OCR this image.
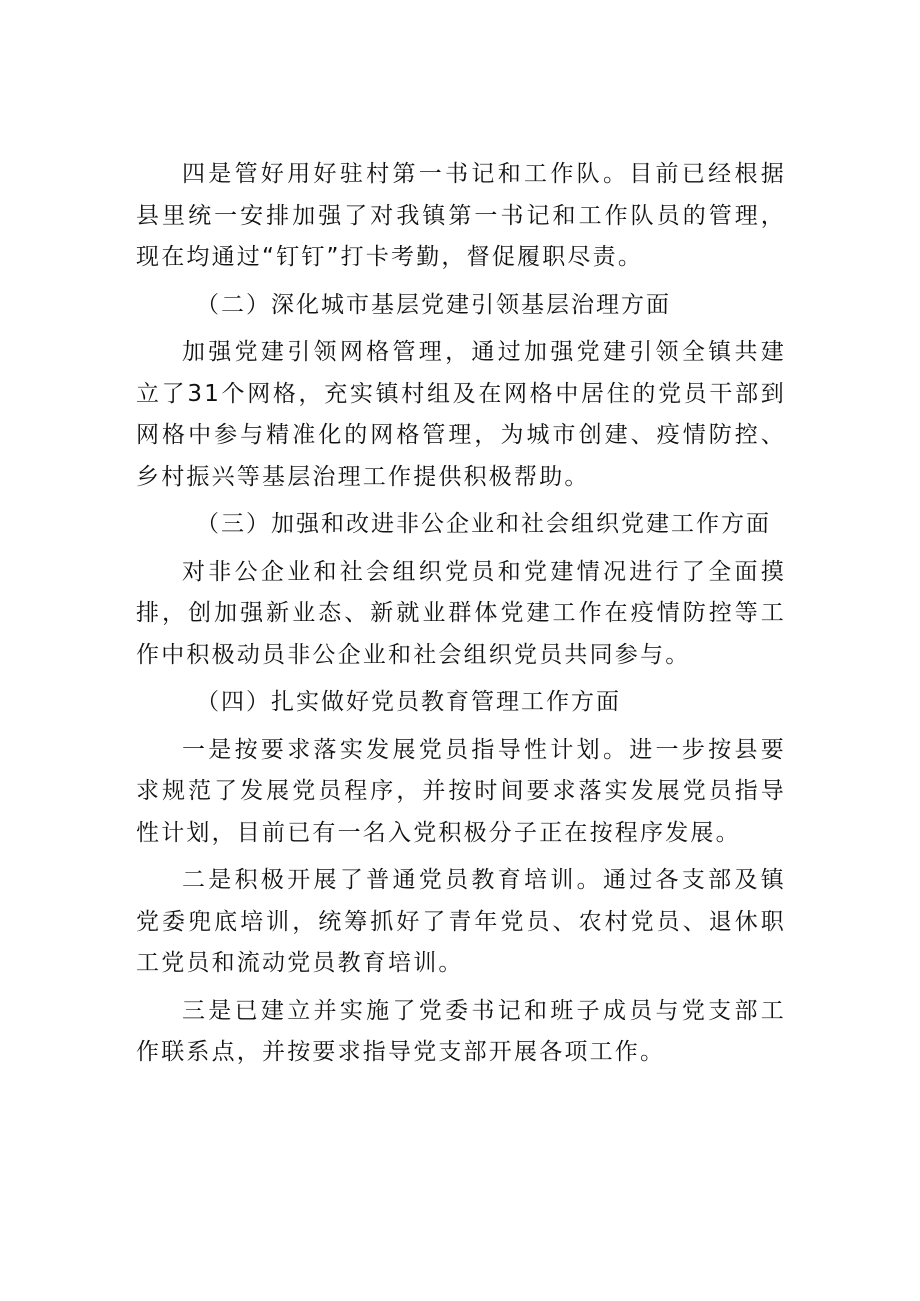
四是管好用好驻村第一书记和工作队。目前已经根据县里统一安排加强了对我镇第一书记和工作队员的管理，现在均通过“钉钉”打卡考勤，督促履职尽责。

（二）深化城市基层党建引领基层治理方面

加强党建引领网格管理，通过加强党建引领全镇共建立了31个网格，充实镇村组及在网格中居住的党员干部到网格中参与精准化的网格管理，为城市创建、疫情防控、乡村振兴等基层治理工作提供积极帮助。

（三）加强和改进非公企业和社会组织党建工作方面

对非公企业和社会组织党员和党建情况进行了全面摸排，创加强新业态、新就业群体党建工作在疫情防控等工作中积极动员非公企业和社会组织党员共同参与。

（四）扎实做好党员教育管理工作方面

一是按要求落实发展党员指导性计划。进一步按县要求规范了发展党员程序，并按时间要求落实发展党员指导性计划，目前已有一名入党积极分子正在按程序发展。

二是积极开展了普通党员教育培训。通过各支部及镇党委兜底培训，统筹抓好了青年党员、农村党员、退休职工党员和流动党员教育培训。

三是已建立并实施了党委书记和班子成员与党支部工作联系点，并按要求指导党支部开展各项工作。
